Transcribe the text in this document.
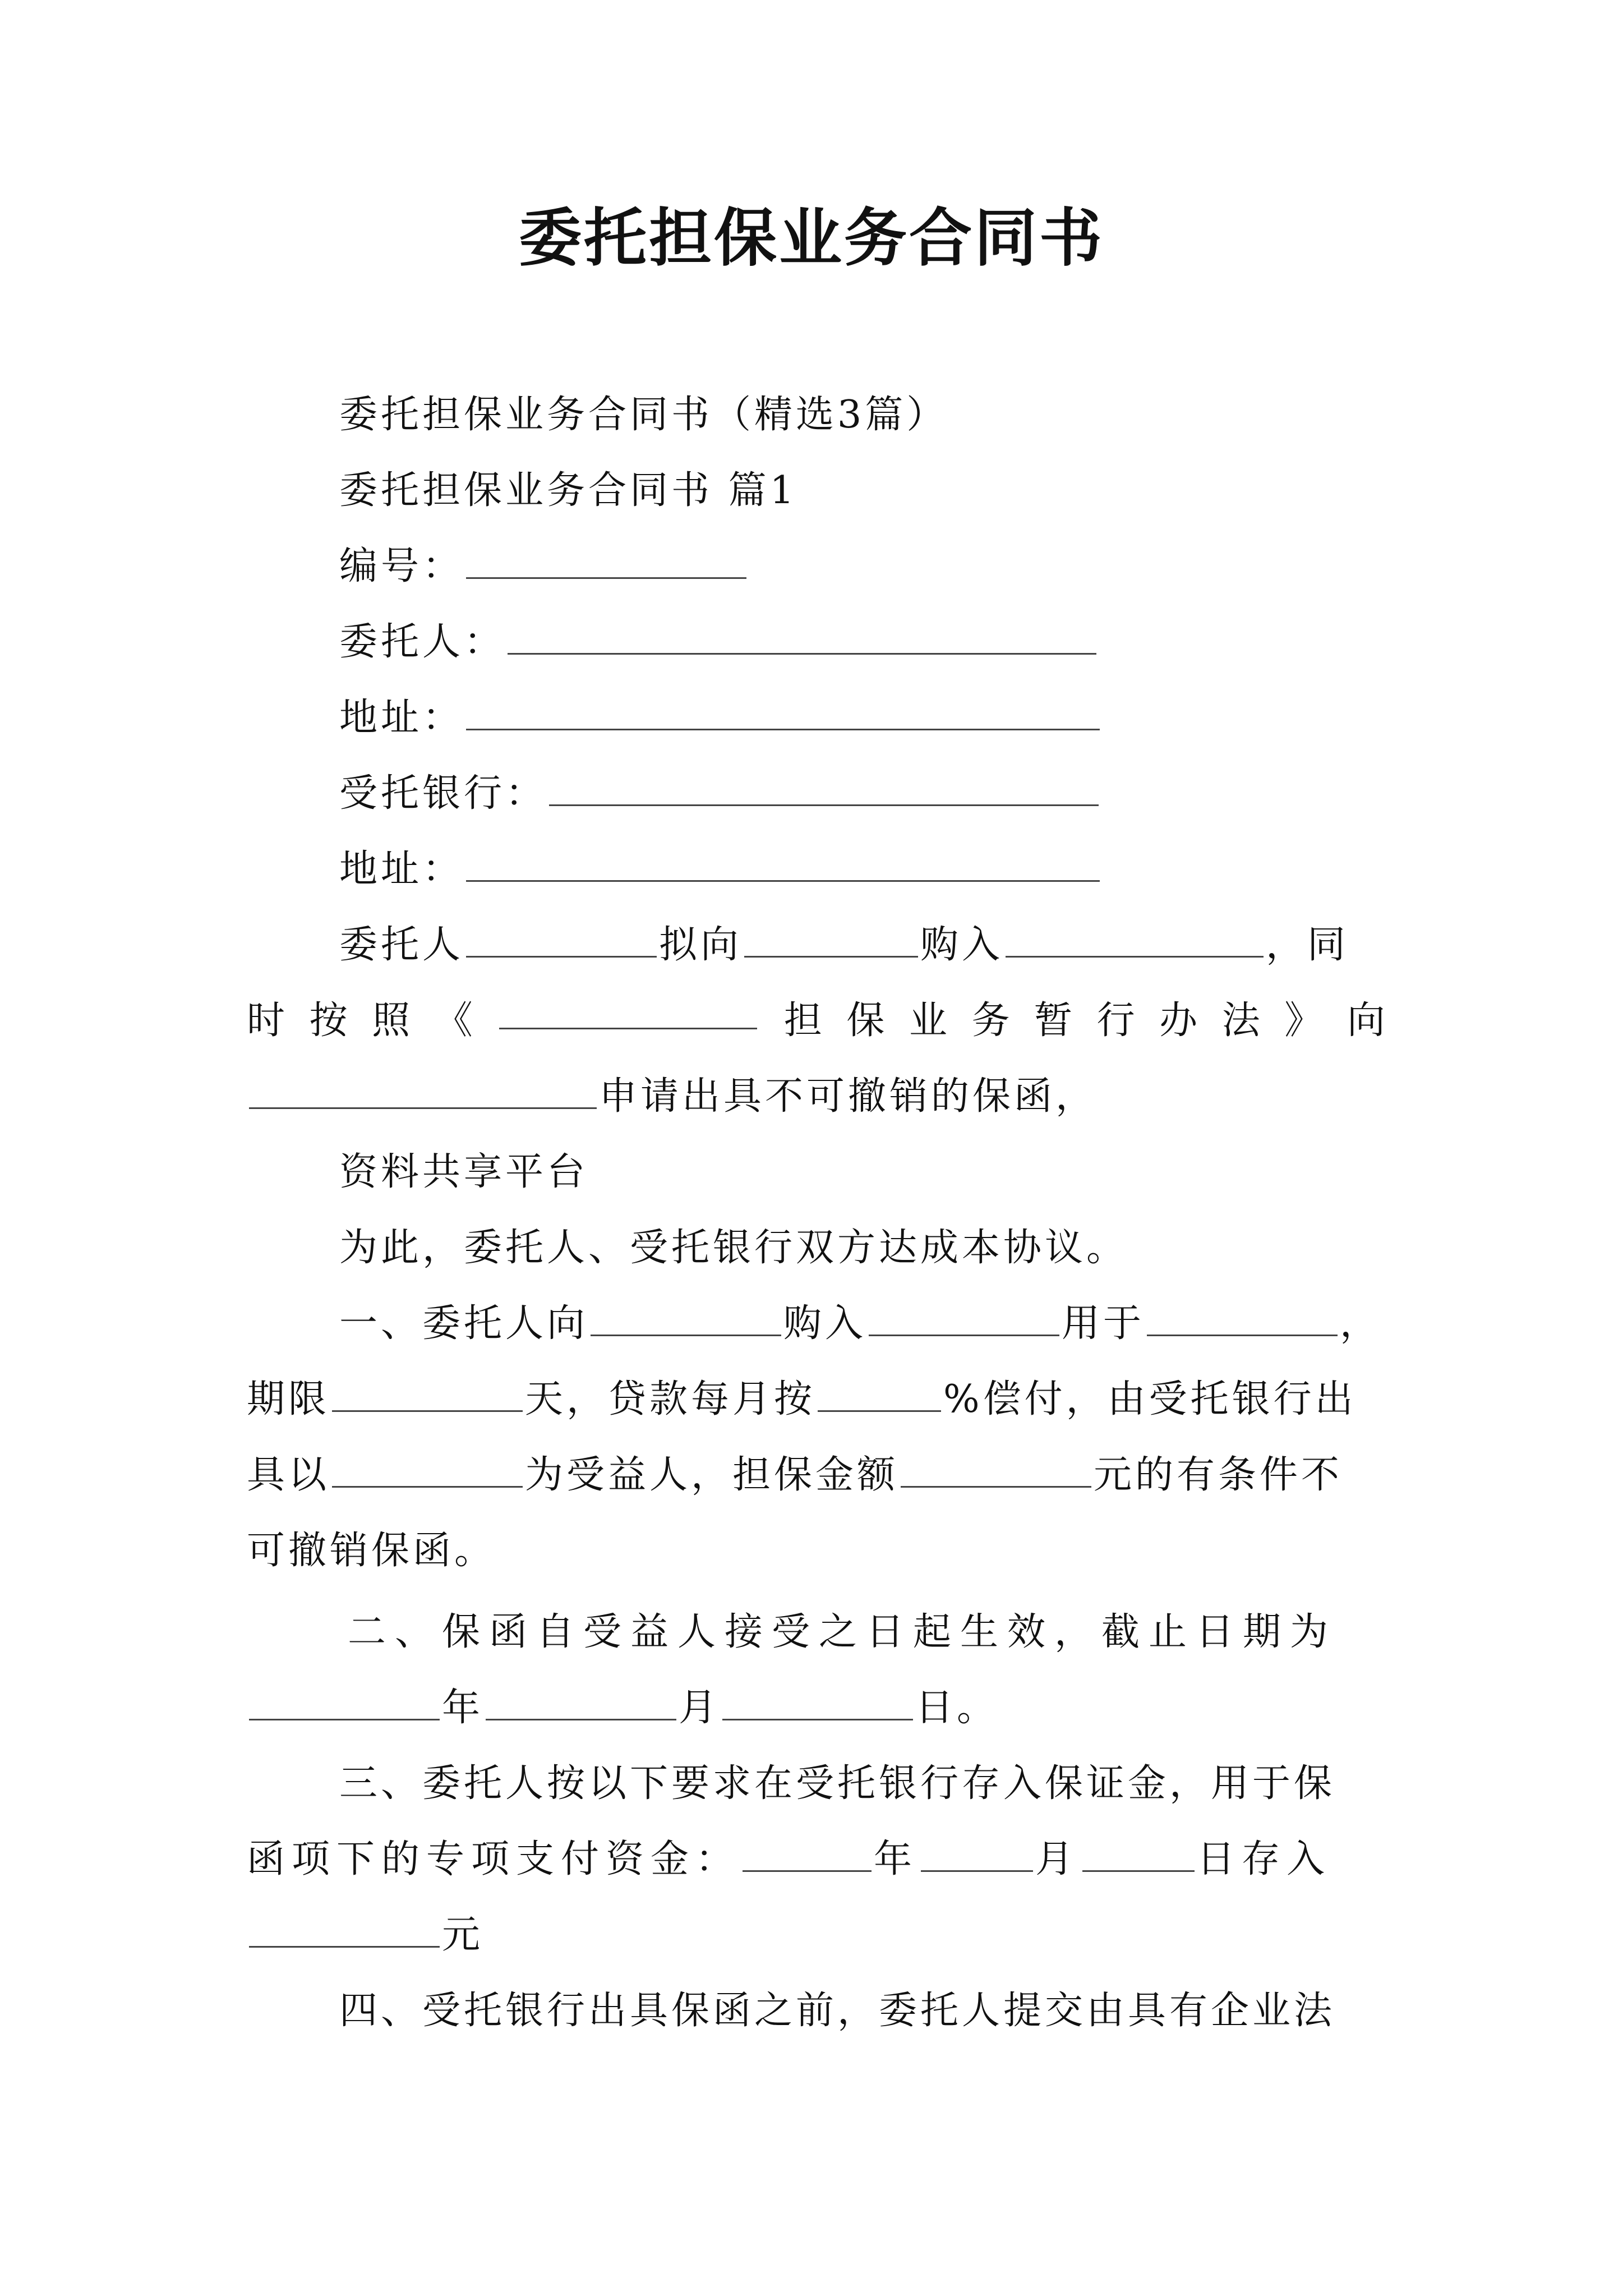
委托担保业务合同书
委托担保业务合同书（精选3篇）
委托担保业务合同书 篇1
编号：
委托人：
地址：
受托银行：
地址：
委托人	拟向	购入	，同
时 按 照 《	担 保 业 务 暂 行 办 法 》 向
申请出具不可撤销的保函，
资料共享平台
为此，委托人、受托银行双方达成本协议。
一、委托人向	购入	用于	，
期限	天，贷款每月按	%偿付，由受托银行出
具以	为受益人，担保金额	元的有条件不
可撤销保函。
二、保函自受益人接受之日起生效，截止日期为
年	月	日。
三、委托人按以下要求在受托银行存入保证金，用于保
函项下的专项支付资金：	年	月	日存入
元
四、受托银行出具保函之前，委托人提交由具有企业法
